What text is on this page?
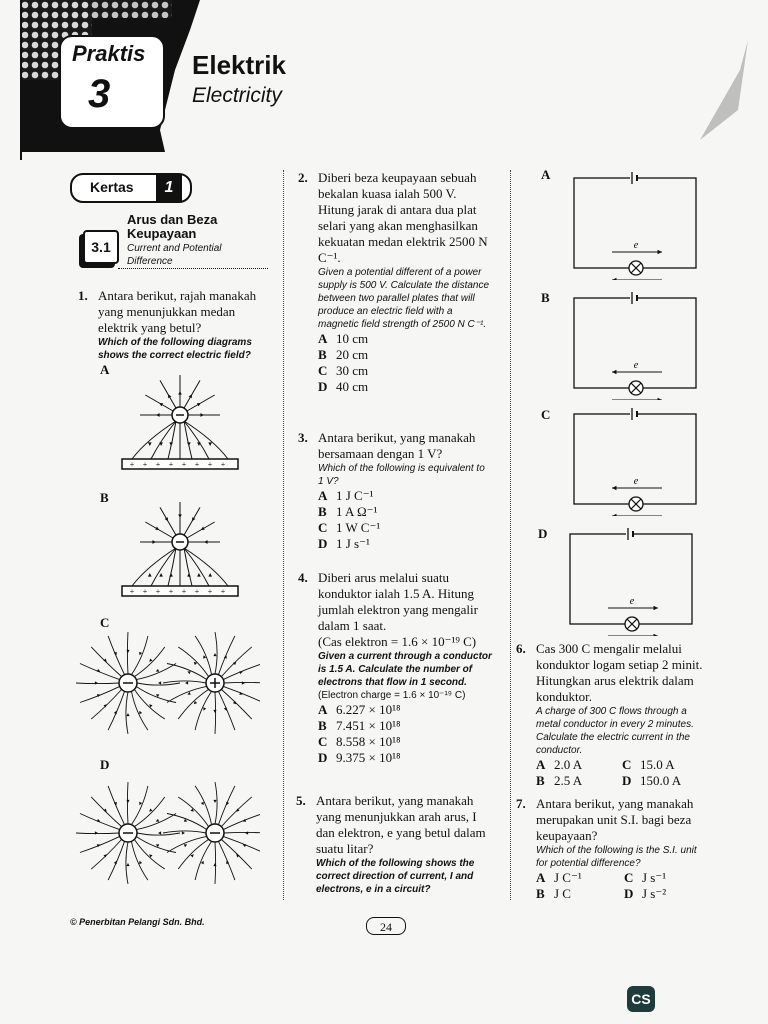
Praktis
3
Elektrik
Electricity
Kertas	1
3.1
Arus dan Beza Keupayaan
Current and Potential Difference
1. Antara berikut, rajah manakah yang menunjukkan medan elektrik yang betul?

Which of the following diagrams shows the correct electric field?

A
B
C
D
+ + + + + + + +
+ + + + + + + +
2. Diberi beza keupayaan sebuah bekalan kuasa ialah 500 V. Hitung jarak di antara dua plat selari yang akan menghasilkan kekuatan medan elektrik 2500 N C⁻¹.

Given a potential different of a power supply is 500 V. Calculate the distance between two parallel plates that will produce an electric field with a magnetic field strength of 2500 N C⁻¹.

A 10 cm
B 20 cm
C 30 cm
D 40 cm
3. Antara berikut, yang manakah bersamaan dengan 1 V?

Which of the following is equivalent to 1 V?

A 1 J C⁻¹
B 1 A Ω⁻¹
C 1 W C⁻¹
D 1 J s⁻¹
4. Diberi arus melalui suatu konduktor ialah 1.5 A. Hitung jumlah elektron yang mengalir dalam 1 saat.

(Cas elektron = 1.6 × 10⁻¹⁹ C)

Given a current through a conductor is 1.5 A. Calculate the number of electrons that flow in 1 second.

(Electron charge = 1.6 × 10⁻¹⁹ C)

A 6.227 × 10¹⁸
B 7.451 × 10¹⁸
C 8.558 × 10¹⁸
D 9.375 × 10¹⁸
5. Antara berikut, yang manakah yang menunjukkan arah arus, I dan elektron, e yang betul dalam suatu litar?

Which of the following shows the correct direction of current, I and electrons, e in a circuit?

A
B
C
D
e
e
e
e
6. Cas 300 C mengalir melalui konduktor logam setiap 2 minit. Hitungkan arus elektrik dalam konduktor.

A charge of 300 C flows through a metal conductor in every 2 minutes. Calculate the electric current in the conductor.

A 2.0 A	C 15.0 A
B 2.5 A	D 150.0 A
7. Antara berikut, yang manakah merupakan unit S.I. bagi beza keupayaan?

Which of the following is the S.I. unit for potential difference?

A J C⁻¹	C J s⁻¹
B J C	D J s⁻²
© Penerbitan Pelangi Sdn. Bhd.	24
CS
